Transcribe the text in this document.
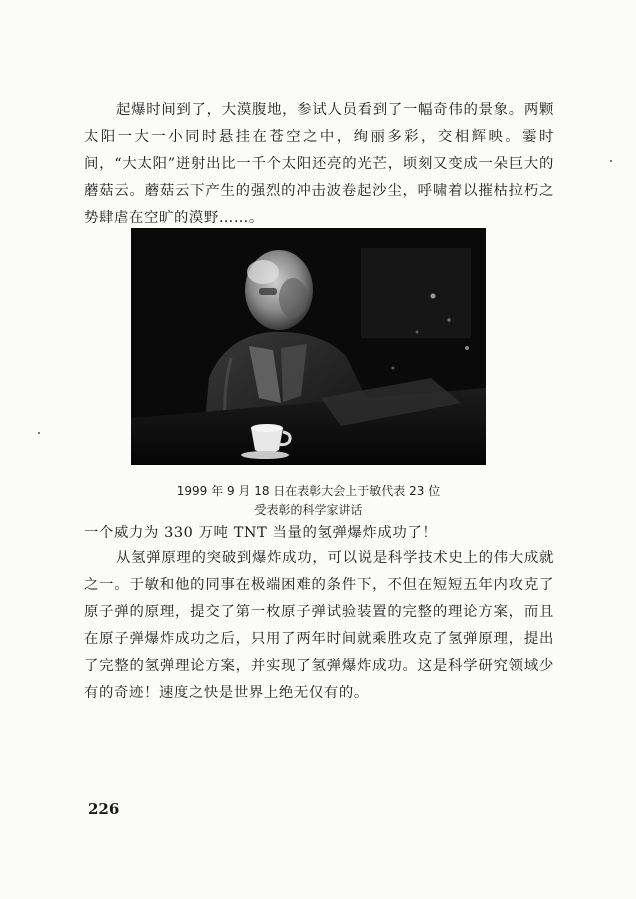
起爆时间到了，大漠腹地，参试人员看到了一幅奇伟的景象。两颗太阳一大一小同时悬挂在苍空之中，绚丽多彩，交相辉映。霎时间，“大太阳”迸射出比一千个太阳还亮的光芒，顷刻又变成一朵巨大的蘑菇云。蘑菇云下产生的强烈的冲击波卷起沙尘，呼啸着以摧枯拉朽之势肆虐在空旷的漠野……。

1999 年 9 月 18 日在表彰大会上于敏代表 23 位
受表彰的科学家讲话

一个威力为 330 万吨 TNT 当量的氢弹爆炸成功了！

从氢弹原理的突破到爆炸成功，可以说是科学技术史上的伟大成就之一。于敏和他的同事在极端困难的条件下，不但在短短五年内攻克了原子弹的原理，提交了第一枚原子弹试验装置的完整的理论方案，而且在原子弹爆炸成功之后，只用了两年时间就乘胜攻克了氢弹原理，提出了完整的氢弹理论方案，并实现了氢弹爆炸成功。这是科学研究领域少有的奇迹！速度之快是世界上绝无仅有的。

226
